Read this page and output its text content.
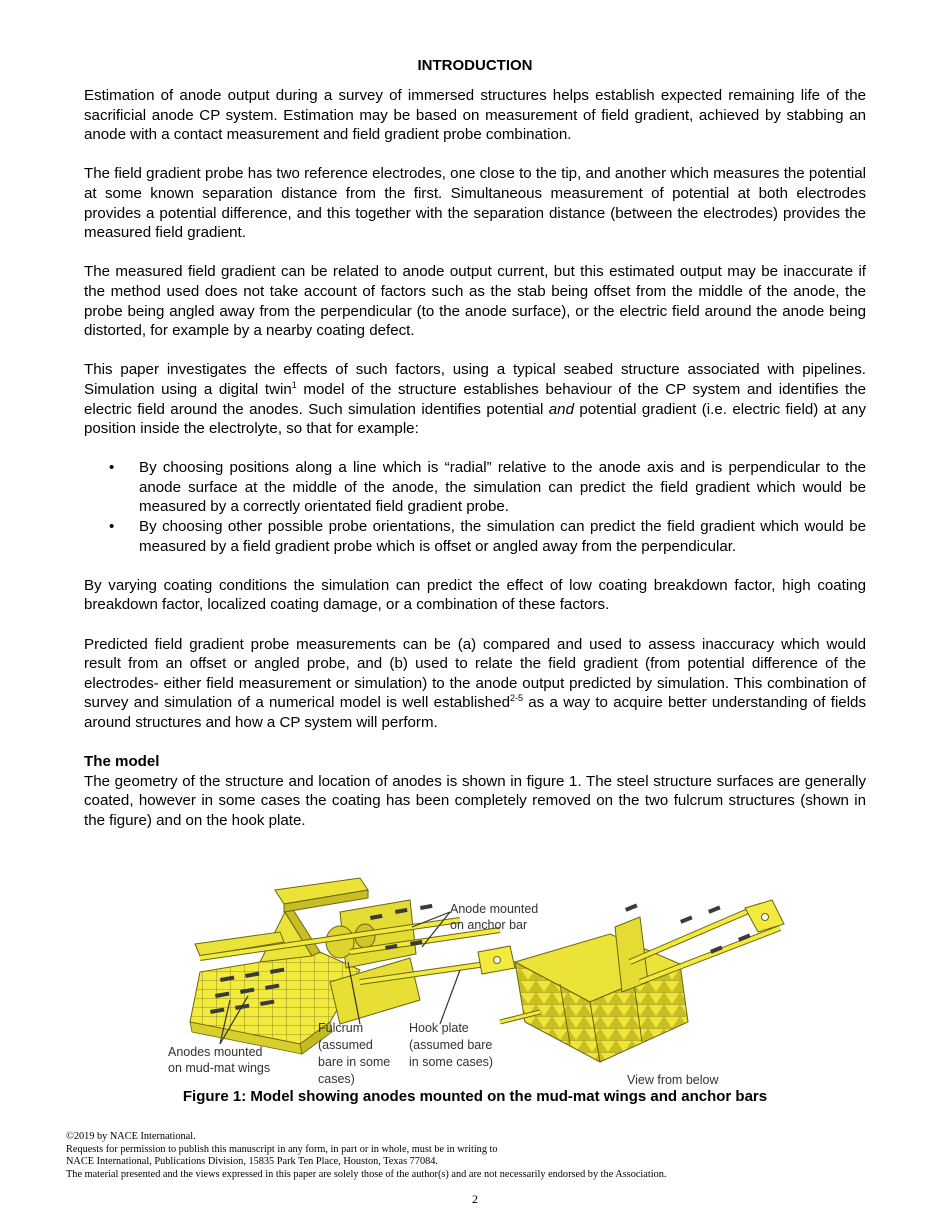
INTRODUCTION

Estimation of anode output during a survey of immersed structures helps establish expected remaining life of the sacrificial anode CP system. Estimation may be based on measurement of field gradient, achieved by stabbing an anode with a contact measurement and field gradient probe combination.

The field gradient probe has two reference electrodes, one close to the tip, and another which measures the potential at some known separation distance from the first. Simultaneous measurement of potential at both electrodes provides a potential difference, and this together with the separation distance (between the electrodes) provides the measured field gradient.

The measured field gradient can be related to anode output current, but this estimated output may be inaccurate if the method used does not take account of factors such as the stab being offset from the middle of the anode, the probe being angled away from the perpendicular (to the anode surface), or the electric field around the anode being distorted, for example by a nearby coating defect.

This paper investigates the effects of such factors, using a typical seabed structure associated with pipelines. Simulation using a digital twin$^1$ model of the structure establishes behaviour of the CP system and identifies the electric field around the anodes. Such simulation identifies potential and potential gradient (i.e. electric field) at any position inside the electrolyte, so that for example:

• By choosing positions along a line which is “radial” relative to the anode axis and is perpendicular to the anode surface at the middle of the anode, the simulation can predict the field gradient which would be measured by a correctly orientated field gradient probe.
• By choosing other possible probe orientations, the simulation can predict the field gradient which would be measured by a field gradient probe which is offset or angled away from the perpendicular.

By varying coating conditions the simulation can predict the effect of low coating breakdown factor, high coating breakdown factor, localized coating damage, or a combination of these factors.

Predicted field gradient probe measurements can be (a) compared and used to assess inaccuracy which would result from an offset or angled probe, and (b) used to relate the field gradient (from potential difference of the electrodes- either field measurement or simulation) to the anode output predicted by simulation. This combination of survey and simulation of a numerical model is well established$^{2-5}$ as a way to acquire better understanding of fields around structures and how a CP system will perform.

The model

The geometry of the structure and location of anodes is shown in figure 1. The steel structure surfaces are generally coated, however in some cases the coating has been completely removed on the two fulcrum structures (shown in the figure) and on the hook plate.

Anode mounted
on anchor bar
Anodes mounted
on mud-mat wings
Fulcrum
(assumed
bare in some
cases)
Hook plate
(assumed bare
in some cases)
View from below
Figure 1: Model showing anodes mounted on the mud-mat wings and anchor bars
©2019 by NACE International.
Requests for permission to publish this manuscript in any form, in part or in whole, must be in writing to
NACE International, Publications Division, 15835 Park Ten Place, Houston, Texas 77084.
The material presented and the views expressed in this paper are solely those of the author(s) and are not necessarily endorsed by the Association.
2
